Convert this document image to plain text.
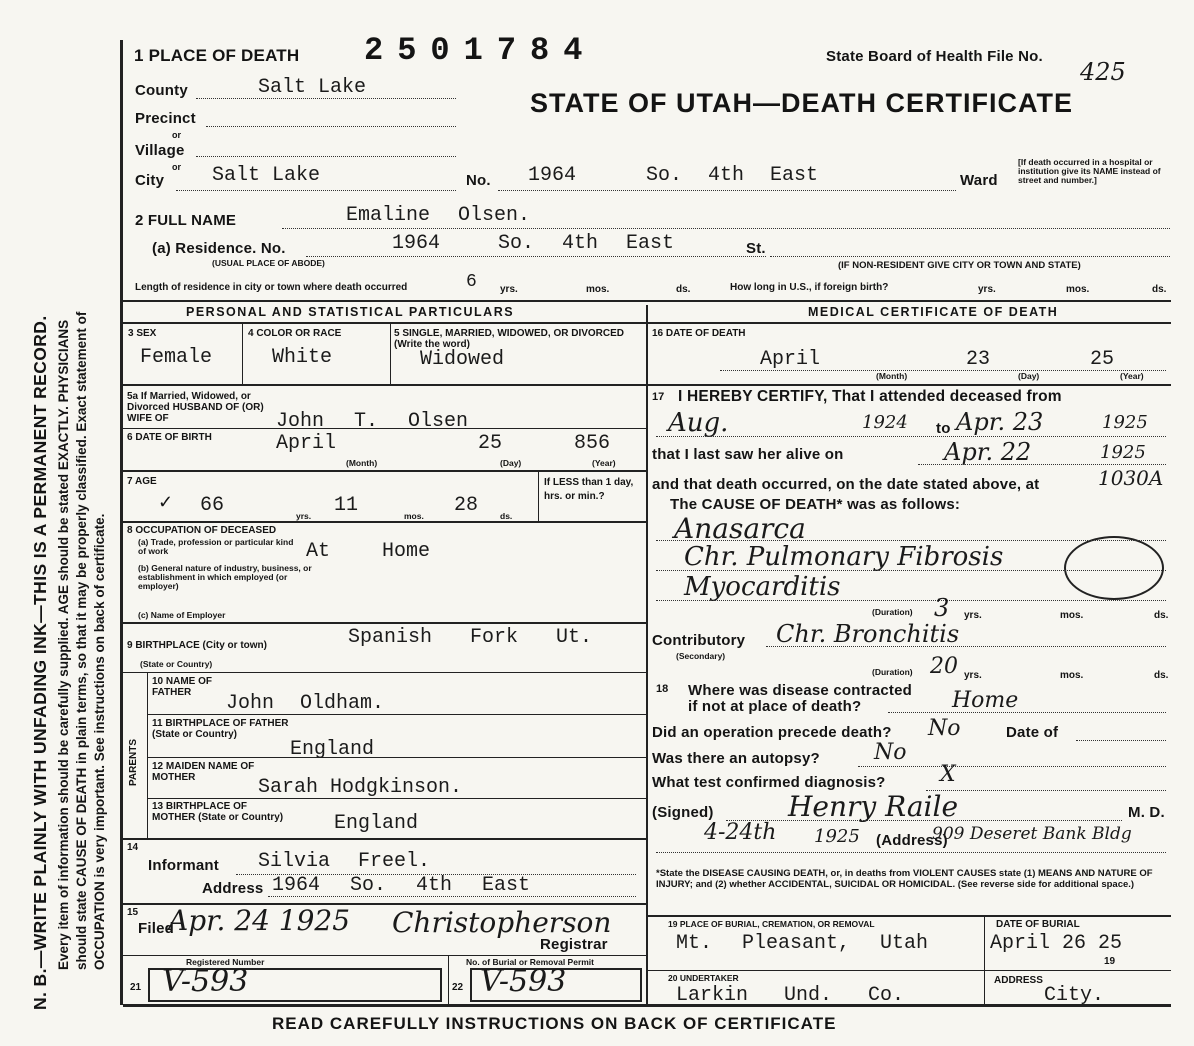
N. B.—WRITE PLAINLY WITH UNFADING INK—THIS IS A PERMANENT RECORD. Every item of information should be carefully supplied. AGE should be stated EXACTLY. PHYSICIANS should state CAUSE OF DEATH in plain terms, so that it may be properly classified. Exact statement of OCCUPATION is very important. See instructions on back of certificate.
1 PLACE OF DEATH 2501784	State Board of Health File No.
425
STATE OF UTAH—DEATH CERTIFICATE
County	Salt Lake
Precinct
or
Village
or
City Salt Lake	No. 1964	So. 4th East	Ward
[If death occurred in a hospital or institution give its NAME instead of street and number.]
2 FULL NAME	Emaline Olsen.
(a) Residence. No.	1964	So. 4th East	St.
(USUAL PLACE OF ABODE)	(IF NON-RESIDENT GIVE CITY OR TOWN AND STATE)
Length of residence in city or town where death occurred	6 yrs.	mos.	ds.	How long in U.S., if foreign birth?	yrs.	mos.	ds.
PERSONAL AND STATISTICAL PARTICULARS
3 SEX
Female
4 COLOR OR RACE
White
5 SINGLE, MARRIED, WIDOWED, OR DIVORCED (Write the word)
Widowed
5a If Married, Widowed, or Divorced HUSBAND OF (OR) WIFE OF	John T. Olsen
6 DATE OF BIRTH	April	25	856
(Month)	(Day)	(Year)
7 AGE
✓ 66	11	28
yrs.	mos.	ds.
If LESS than 1 day, hrs. or min.?
8 OCCUPATION OF DECEASED
(a) Trade, profession or particular kind of work	At Home
(b) General nature of industry, business, or establishment in which employed (or employer)
(c) Name of Employer
9 BIRTHPLACE (City or town)	Spanish Fork Ut.
(State or Country)
PARENTS
10 NAME OF FATHER	John Oldham.
11 BIRTHPLACE OF FATHER (State or Country)
England
12 MAIDEN NAME OF MOTHER	Sarah Hodgkinson.
13 BIRTHPLACE OF MOTHER (State or Country)	England
14
Informant Silvia Freel.
Address 1964 So. 4th East
15
Filed
Apr. 24 1925 Christopherson
Registrar
Registered Number
21 V-593
No. of Burial or Removal Permit
22 V-593
MEDICAL CERTIFICATE OF DEATH
16 DATE OF DEATH
April	23	25
(Month)	(Day)	(Year)
17 I HEREBY CERTIFY, That I attended deceased from
Aug.	1924 to Apr. 23	1925
that I last saw her alive on	Apr. 22	1925
and that death occurred, on the date stated above, at	1030A
The CAUSE OF DEATH* was as follows:
Anasarca
Chr. Pulmonary Fibrosis
Myocarditis
(Duration) 3 yrs.	mos.	ds.
Contributory
(Secondary)
Chr. Bronchitis
(Duration) 20 yrs.	mos.	ds.
18 Where was disease contracted
if not at place of death?	Home
Did an operation precede death? No	Date of
Was there an autopsy? No
What test confirmed diagnosis? X
(Signed)	Henry Raile	M. D.
4-24th 1925 (Address)
909 Deseret Bank Bldg
*State the DISEASE CAUSING DEATH, or, in deaths from VIOLENT CAUSES state (1) MEANS AND NATURE OF INJURY; and (2) whether ACCIDENTAL, SUICIDAL OR HOMICIDAL. (See reverse side for additional space.)
19 PLACE OF BURIAL, CREMATION, OR REMOVAL
Mt. Pleasant, Utah
DATE OF BURIAL
April 26 25
19
20 UNDERTAKER
Larkin Und. Co.
ADDRESS
City.
READ CAREFULLY INSTRUCTIONS ON BACK OF CERTIFICATE
